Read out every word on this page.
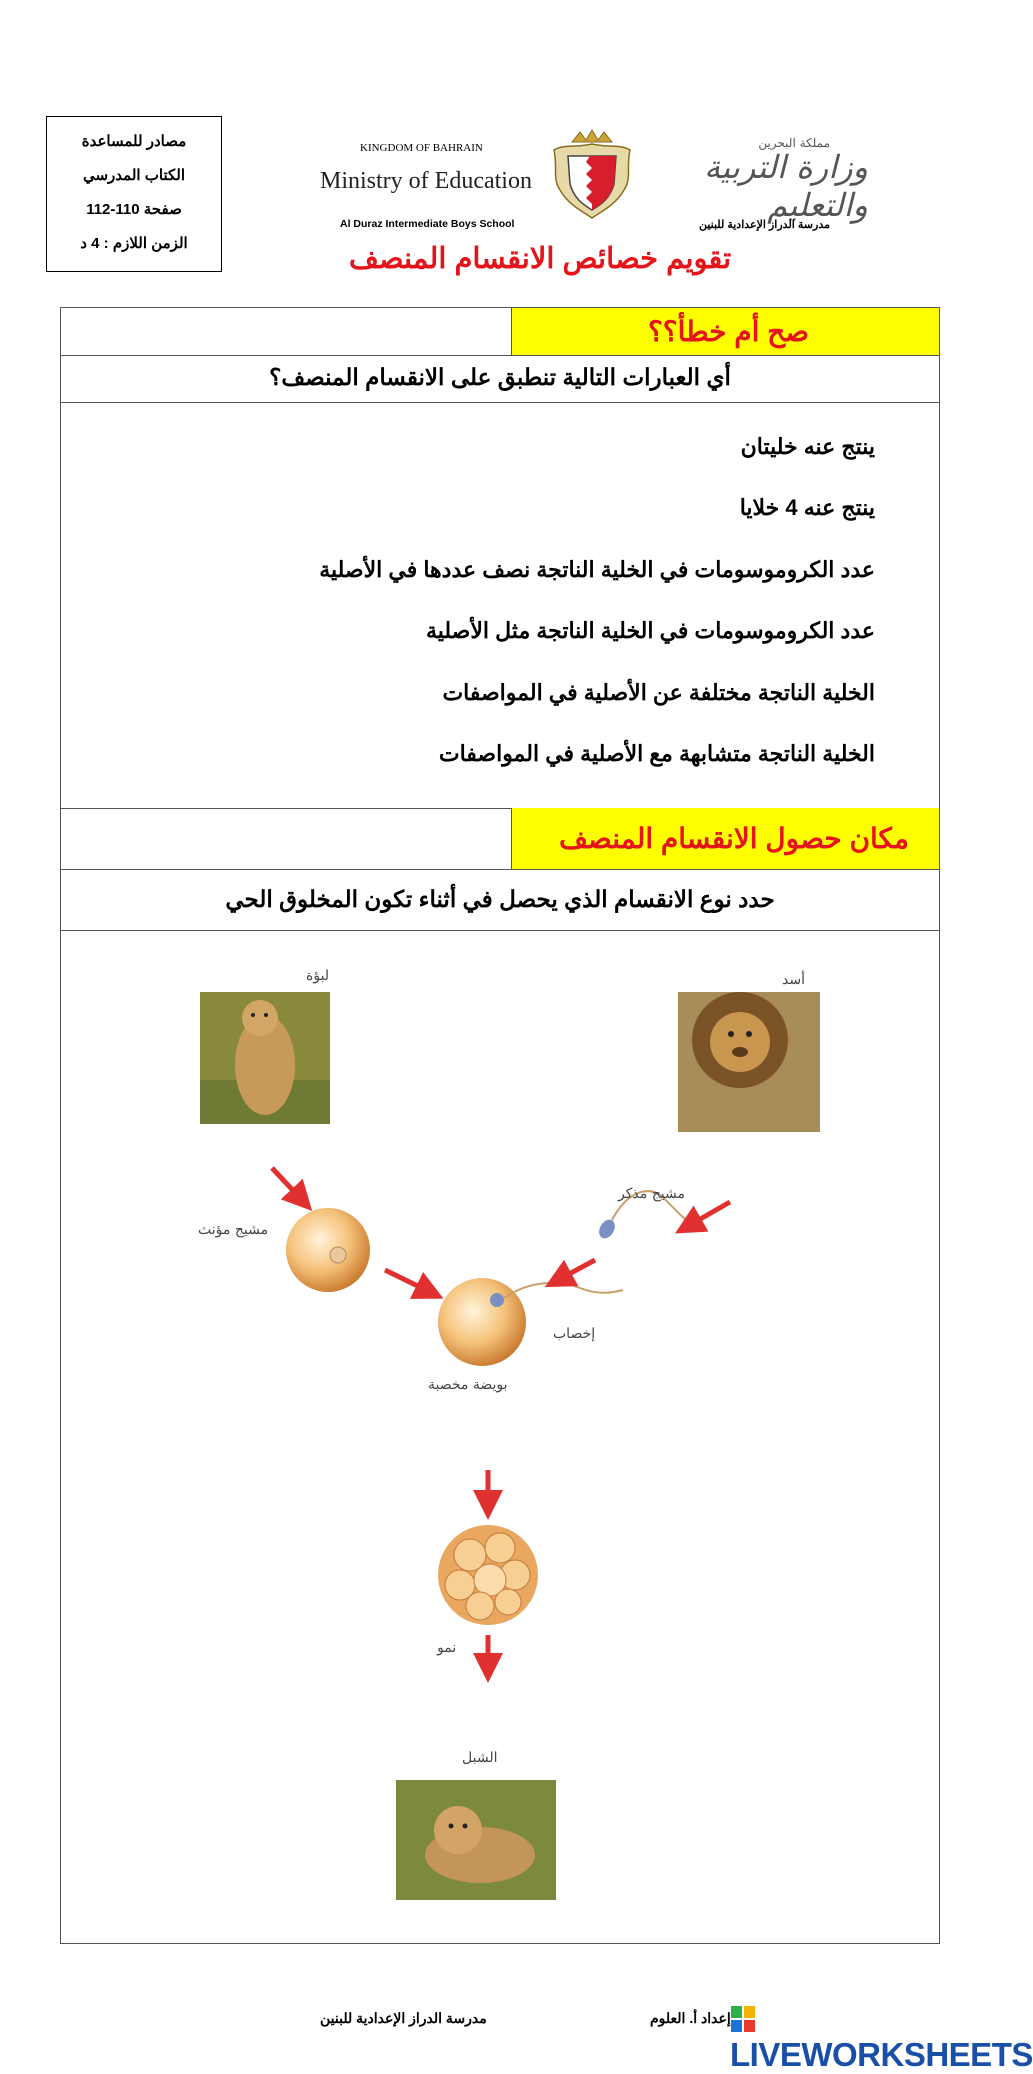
مصادر للمساعدة
الكتاب المدرسي
صفحة 110-112
الزمن اللازم : 4 د
KINGDOM OF BAHRAIN
Ministry of Education
Al Duraz Intermediate Boys School
مملكة البحرين
وزارة التربية والتعليم
مدرسة الدراز الإعدادية للبنين
تقويم خصائص الانقسام المنصف
صح أم خطأ؟؟
أي العبارات التالية تنطبق على الانقسام المنصف؟
ينتج عنه خليتان
ينتج عنه 4 خلايا
عدد الكروموسومات في الخلية الناتجة نصف عددها في الأصلية
عدد الكروموسومات في الخلية الناتجة مثل الأصلية
الخلية الناتجة مختلفة عن الأصلية في المواصفات
الخلية الناتجة متشابهة مع الأصلية في المواصفات
مكان حصول الانقسام المنصف
حدد نوع الانقسام الذي يحصل في أثناء تكون المخلوق الحي
لبؤة	أسد
مشيج مؤنث
مشيج مذكر
إخصاب
بويضة مخصبة
نمو
الشبل
مدرسة الدراز الإعدادية للبنين	إعداد أ. العلوم
LIVEWORKSHEETS
